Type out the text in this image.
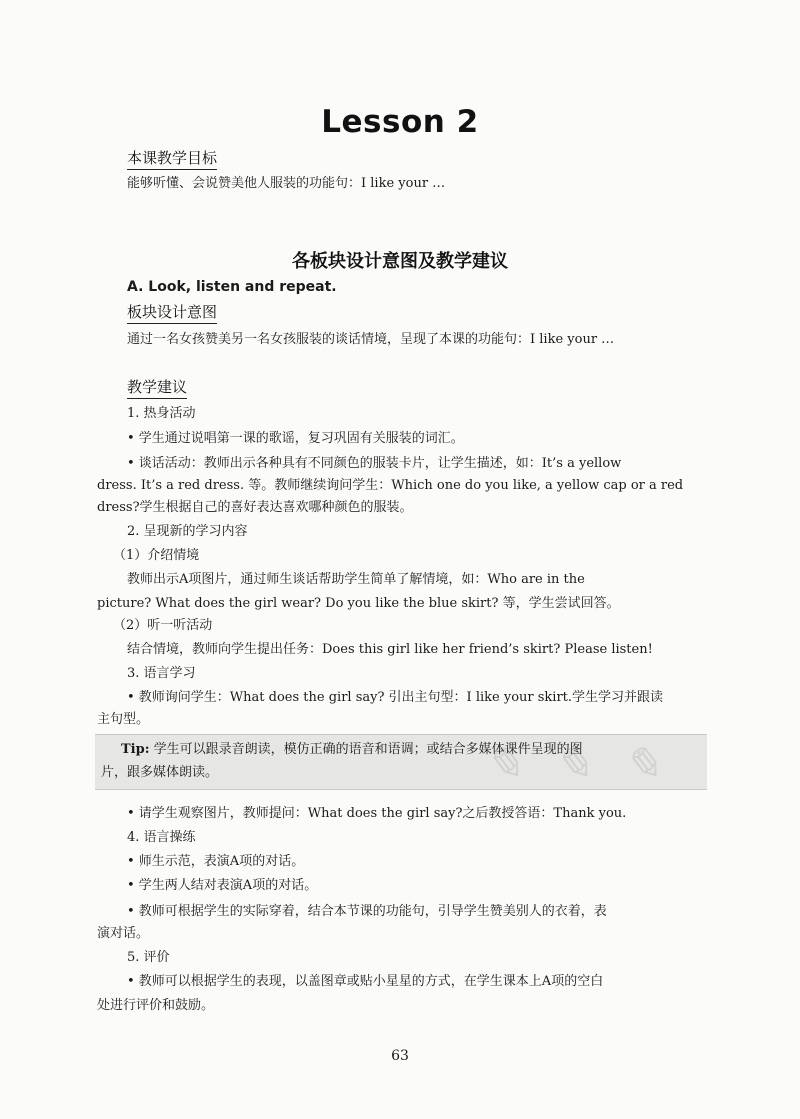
Lesson 2
本课教学目标
能够听懂、会说赞美他人服装的功能句：I like your …
各板块设计意图及教学建议
A. Look, listen and repeat.
板块设计意图
通过一名女孩赞美另一名女孩服装的谈话情境，呈现了本课的功能句：I like your …
教学建议
1. 热身活动
• 学生通过说唱第一课的歌谣，复习巩固有关服装的词汇。
• 谈话活动：教师出示各种具有不同颜色的服装卡片，让学生描述，如：It’s a yellow
dress. It’s a red dress. 等。教师继续询问学生：Which one do you like, a yellow cap or a red
dress?学生根据自己的喜好表达喜欢哪种颜色的服装。
2. 呈现新的学习内容
（1）介绍情境
教师出示A项图片，通过师生谈话帮助学生简单了解情境，如：Who are in the
picture? What does the girl wear? Do you like the blue skirt? 等，学生尝试回答。
（2）听一听活动
结合情境，教师向学生提出任务：Does this girl like her friend’s skirt? Please listen!
3. 语言学习
• 教师询问学生：What does the girl say? 引出主句型：I like your skirt.学生学习并跟读
主句型。
✎ ✎ ✎
Tip: 学生可以跟录音朗读，模仿正确的语音和语调；或结合多媒体课件呈现的图
片，跟多媒体朗读。
• 请学生观察图片，教师提问：What does the girl say?之后教授答语：Thank you.
4. 语言操练
• 师生示范，表演A项的对话。
• 学生两人结对表演A项的对话。
• 教师可根据学生的实际穿着，结合本节课的功能句，引导学生赞美别人的衣着，表
演对话。
5. 评价
• 教师可以根据学生的表现，以盖图章或贴小星星的方式，在学生课本上A项的空白
处进行评价和鼓励。
63
